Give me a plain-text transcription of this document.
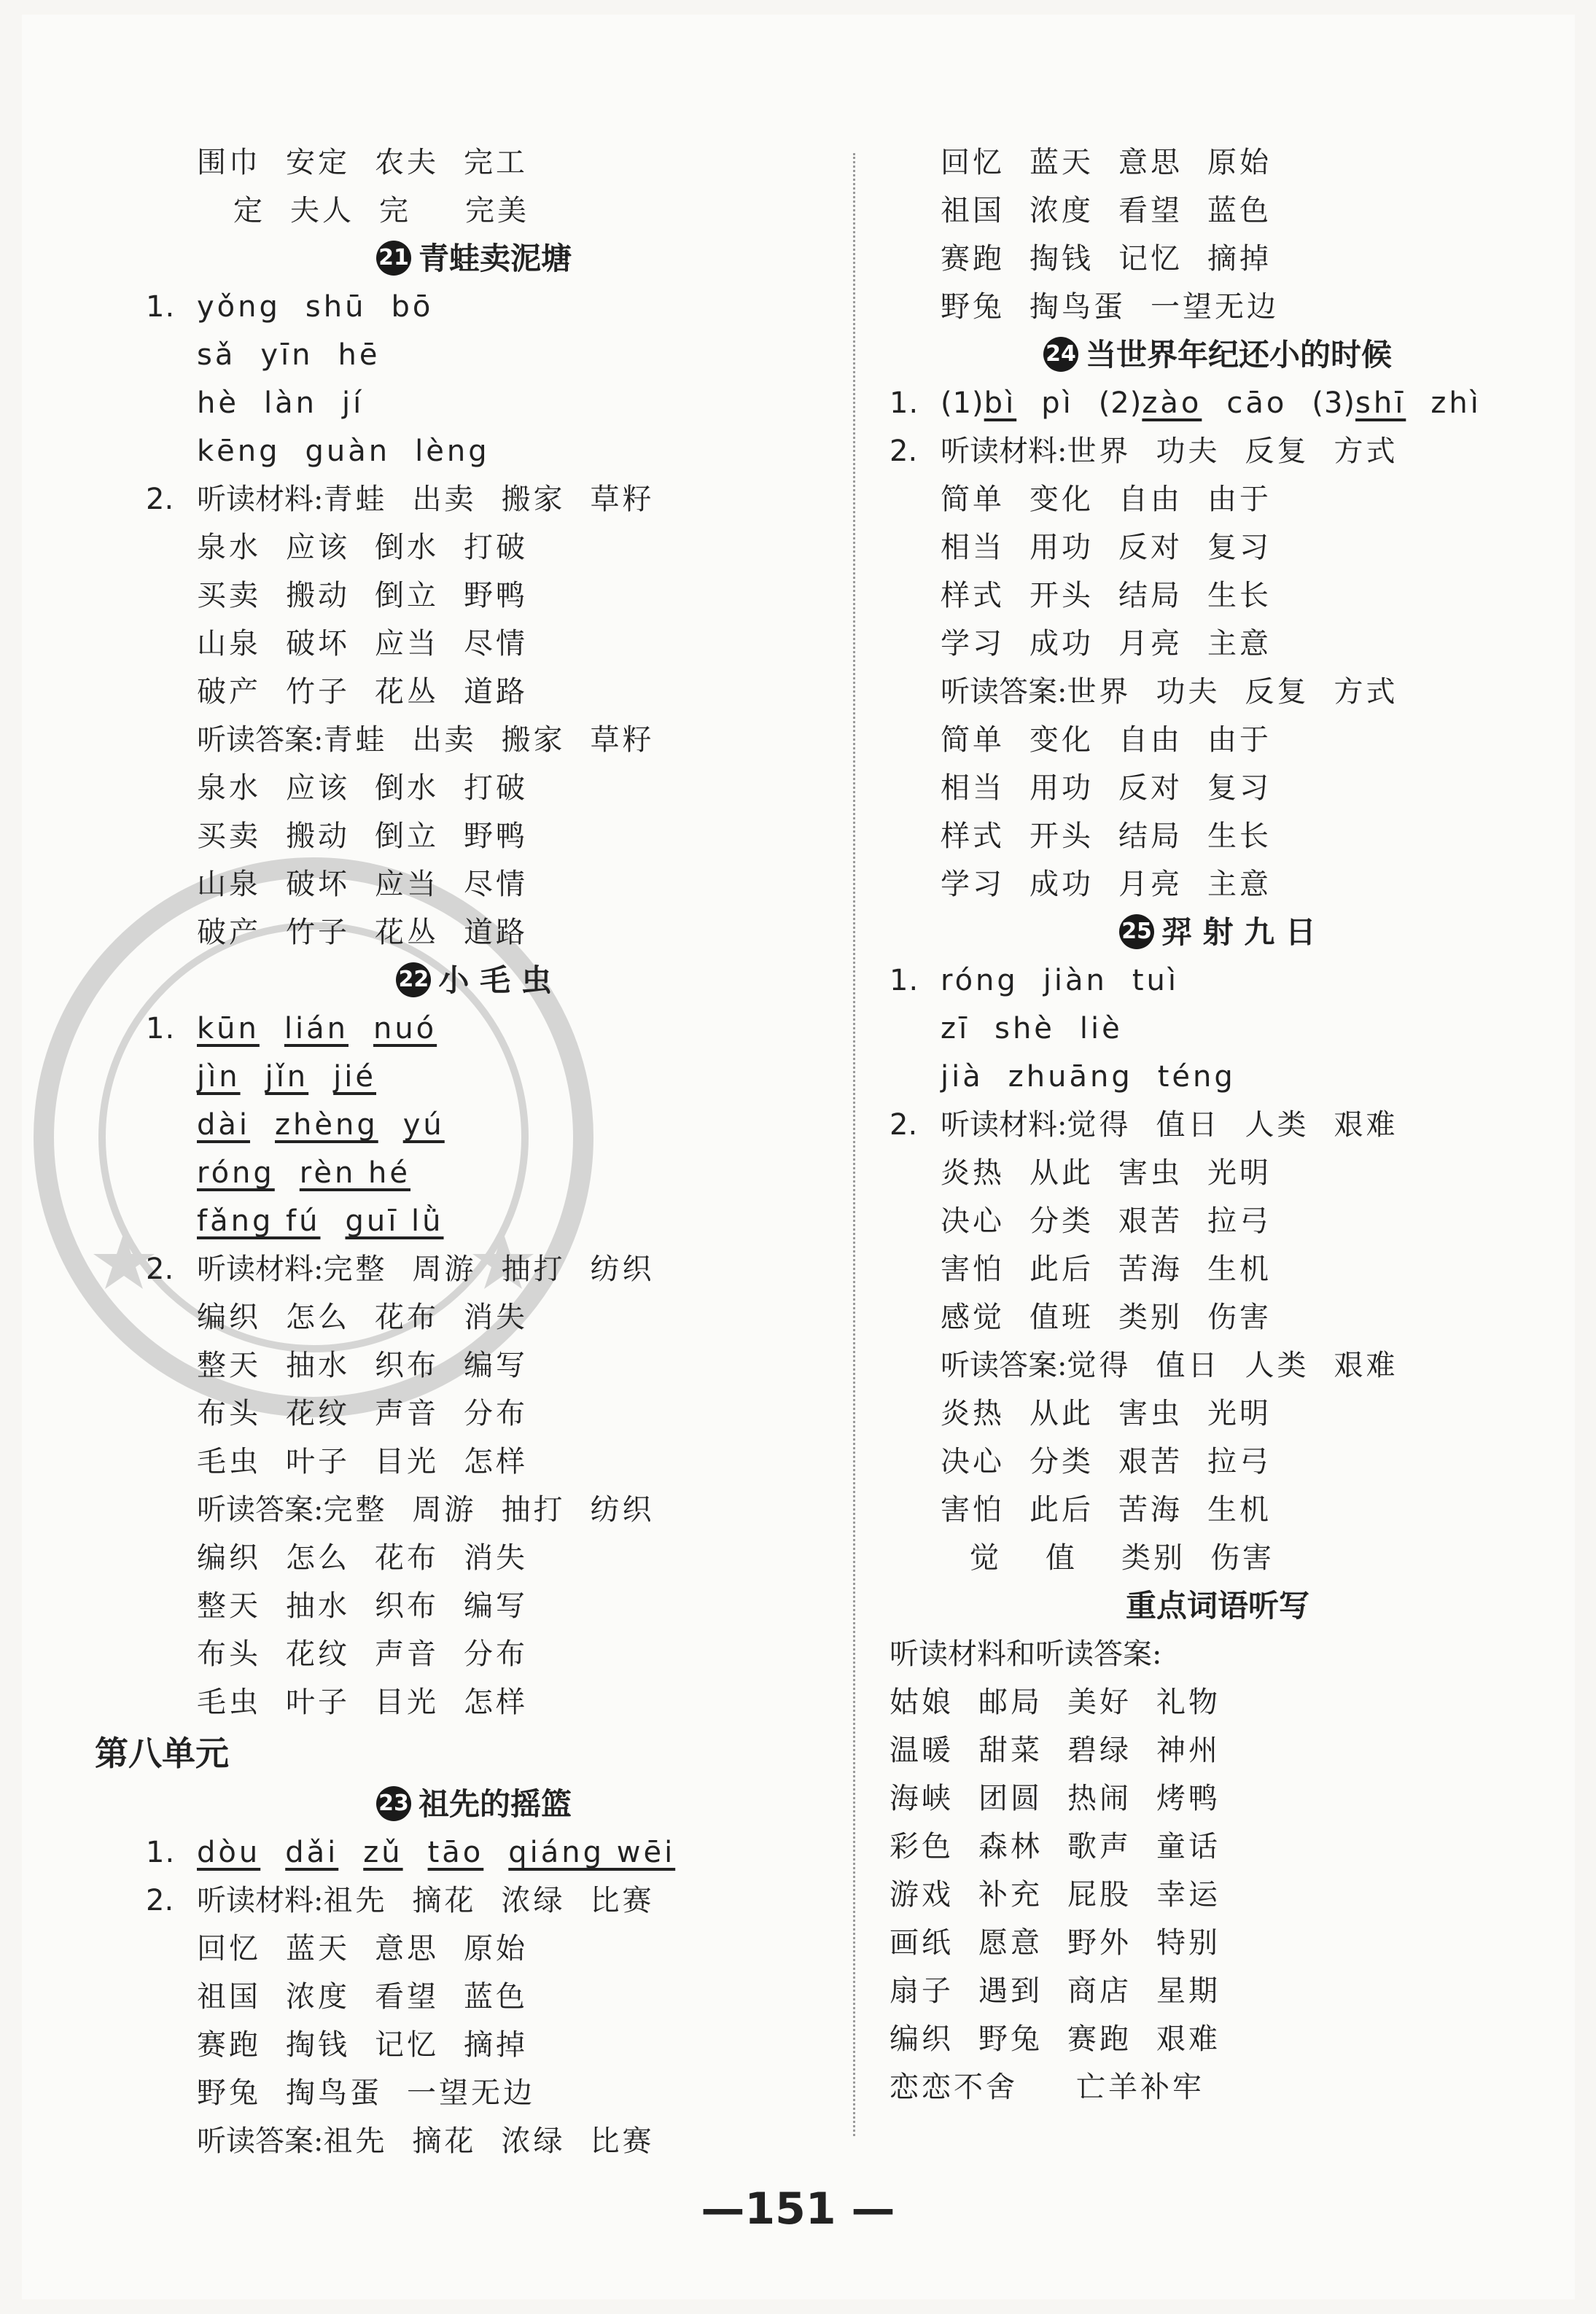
围巾 安定 农夫 完工
定 夫人 完 完美
21 青蛙卖泥塘
1. yǒng shū bō
sǎ yīn hē
hè làn jí
kēng guàn lèng
2. 听读材料:青蛙 出卖 搬家 草籽
泉水 应该 倒水 打破
买卖 搬动 倒立 野鸭
山泉 破坏 应当 尽情
破产 竹子 花丛 道路
听读答案:青蛙 出卖 搬家 草籽
泉水 应该 倒水 打破
买卖 搬动 倒立 野鸭
山泉 破坏 应当 尽情
破产 竹子 花丛 道路
22 小 毛 虫
1. kūn lián nuó
jìn jǐn jié
dài zhèng yú
róng rèn hé
fǎng fú guī lǜ
2. 听读材料:完整 周游 抽打 纺织
编织 怎么 花布 消失
整天 抽水 织布 编写
布头 花纹 声音 分布
毛虫 叶子 目光 怎样
听读答案:完整 周游 抽打 纺织
编织 怎么 花布 消失
整天 抽水 织布 编写
布头 花纹 声音 分布
毛虫 叶子 目光 怎样
第八单元
23 祖先的摇篮
1. dòu dǎi zǔ tāo qiáng wēi
2. 听读材料:祖先 摘花 浓绿 比赛
回忆 蓝天 意思 原始
祖国 浓度 看望 蓝色
赛跑 掏钱 记忆 摘掉
野兔 掏鸟蛋 一望无边
听读答案:祖先 摘花 浓绿 比赛
回忆 蓝天 意思 原始
祖国 浓度 看望 蓝色
赛跑 掏钱 记忆 摘掉
野兔 掏鸟蛋 一望无边
24 当世界年纪还小的时候
1. (1)bì pì (2)zào cāo (3)shī zhì
2. 听读材料:世界 功夫 反复 方式
简单 变化 自由 由于
相当 用功 反对 复习
样式 开头 结局 生长
学习 成功 月亮 主意
听读答案:世界 功夫 反复 方式
简单 变化 自由 由于
相当 用功 反对 复习
样式 开头 结局 生长
学习 成功 月亮 主意
25 羿 射 九 日
1. róng jiàn tuì
zī shè liè
jià zhuāng téng
2. 听读材料:觉得 值日 人类 艰难
炎热 从此 害虫 光明
决心 分类 艰苦 拉弓
害怕 此后 苦海 生机
感觉 值班 类别 伤害
听读答案:觉得 值日 人类 艰难
炎热 从此 害虫 光明
决心 分类 艰苦 拉弓
害怕 此后 苦海 生机
觉 值 类别 伤害
重点词语听写
听读材料和听读答案:
姑娘 邮局 美好 礼物
温暖 甜菜 碧绿 神州
海峡 团圆 热闹 烤鸭
彩色 森林 歌声 童话
游戏 补充 屁股 幸运
画纸 愿意 野外 特别
扇子 遇到 商店 星期
编织 野兔 赛跑 艰难
恋恋不舍 亡羊补牢
—151 —
